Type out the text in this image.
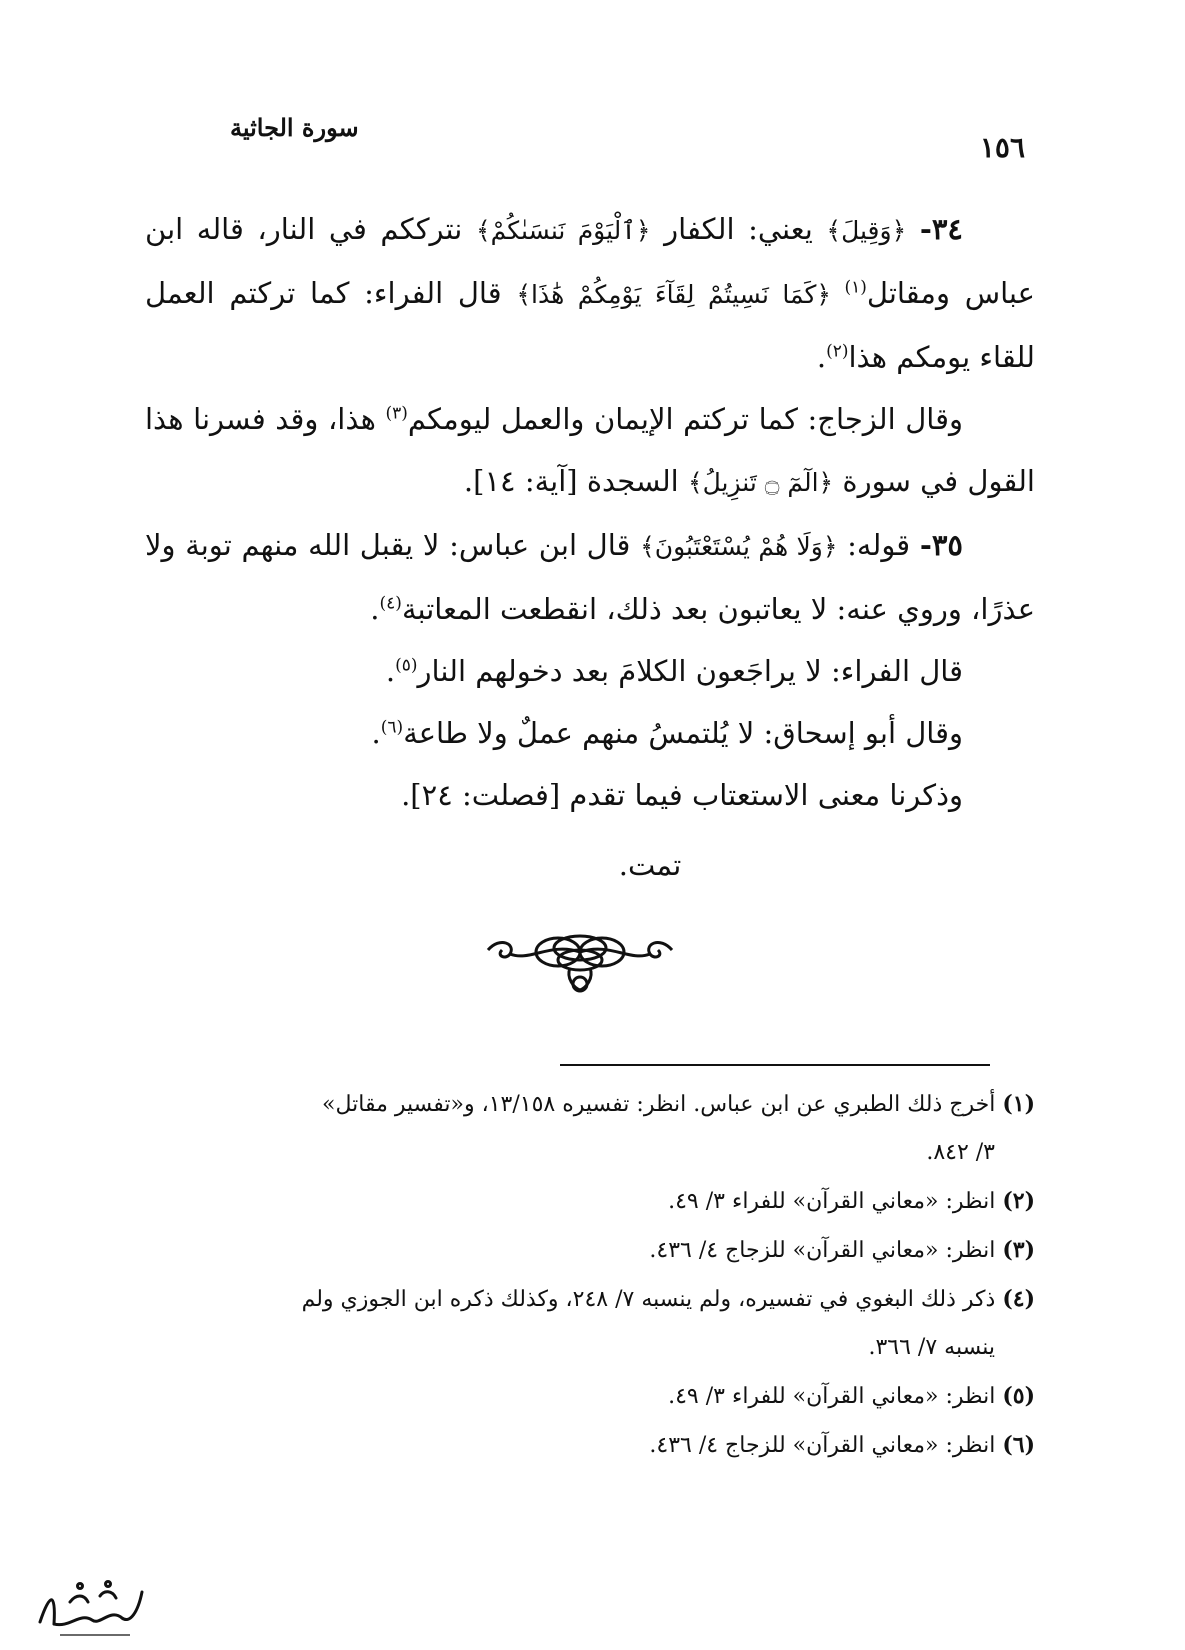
١٥٦
سورة الجاثية

٣٤- ﴿وَقِيلَ﴾ يعني: الكفار ﴿ٱلْيَوْمَ نَنسَىٰكُمْ﴾ نترككم في النار، قاله ابن عباس ومقاتل$^{(١)}$ ﴿كَمَا نَسِيتُمْ لِقَآءَ يَوْمِكُمْ هَٰذَا﴾ قال الفراء: كما تركتم العمل للقاء يومكم هذا$^{(٢)}$.

وقال الزجاج: كما تركتم الإيمان والعمل ليومكم$^{(٣)}$ هذا، وقد فسرنا هذا القول في سورة ﴿الٓمٓ ۝ تَنزِيلُ﴾ السجدة [آية: ١٤].

٣٥- قوله: ﴿وَلَا هُمْ يُسْتَعْتَبُونَ﴾ قال ابن عباس: لا يقبل الله منهم توبة ولا عذرًا، وروي عنه: لا يعاتبون بعد ذلك، انقطعت المعاتبة$^{(٤)}$.

قال الفراء: لا يراجَعون الكلامَ بعد دخولهم النار$^{(٥)}$.

وقال أبو إسحاق: لا يُلتمسُ منهم عملٌ ولا طاعة$^{(٦)}$.

وذكرنا معنى الاستعتاب فيما تقدم [فصلت: ٢٤].

تمت.

(١) أخرج ذلك الطبري عن ابن عباس. انظر: تفسيره ١٣/١٥٨، و«تفسير مقاتل»
٣/ ٨٤٢.

(٢) انظر: «معاني القرآن» للفراء ٣/ ٤٩.

(٣) انظر: «معاني القرآن» للزجاج ٤/ ٤٣٦.

(٤) ذكر ذلك البغوي في تفسيره، ولم ينسبه ٧/ ٢٤٨، وكذلك ذكره ابن الجوزي ولم
ينسبه ٧/ ٣٦٦.

(٥) انظر: «معاني القرآن» للفراء ٣/ ٤٩.

(٦) انظر: «معاني القرآن» للزجاج ٤/ ٤٣٦.
